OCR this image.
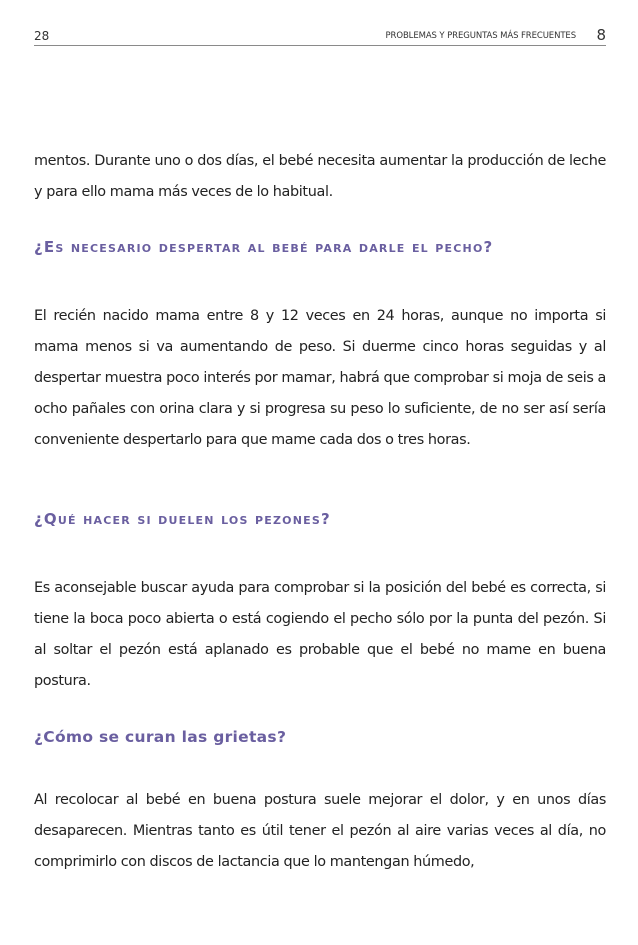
28	PROBLEMAS Y PREGUNTAS MÁS FRECUENTES 8

mentos. Durante uno o dos días, el bebé necesita aumentar la producción de leche y para ello mama más veces de lo habitual.

¿Es necesario despertar al bebé para darle el pecho?

El recién nacido mama entre 8 y 12 veces en 24 horas, aunque no importa si mama menos si va aumentando de peso. Si duerme cinco horas seguidas y al despertar muestra poco interés por mamar, habrá que comprobar si moja de seis a ocho pañales con orina clara y si progresa su peso lo suficiente, de no ser así sería conveniente despertarlo para que mame cada dos o tres horas.

¿Qué hacer si duelen los pezones?

Es aconsejable buscar ayuda para comprobar si la posición del bebé es correcta, si tiene la boca poco abierta o está cogiendo el pecho sólo por la punta del pezón. Si al soltar el pezón está aplanado es probable que el bebé no mame en buena postura.

¿Cómo se curan las grietas?

Al recolocar al bebé en buena postura suele mejorar el dolor, y en unos días desaparecen. Mientras tanto es útil tener el pezón al aire varias veces al día, no comprimirlo con discos de lactancia que lo mantengan húmedo,
